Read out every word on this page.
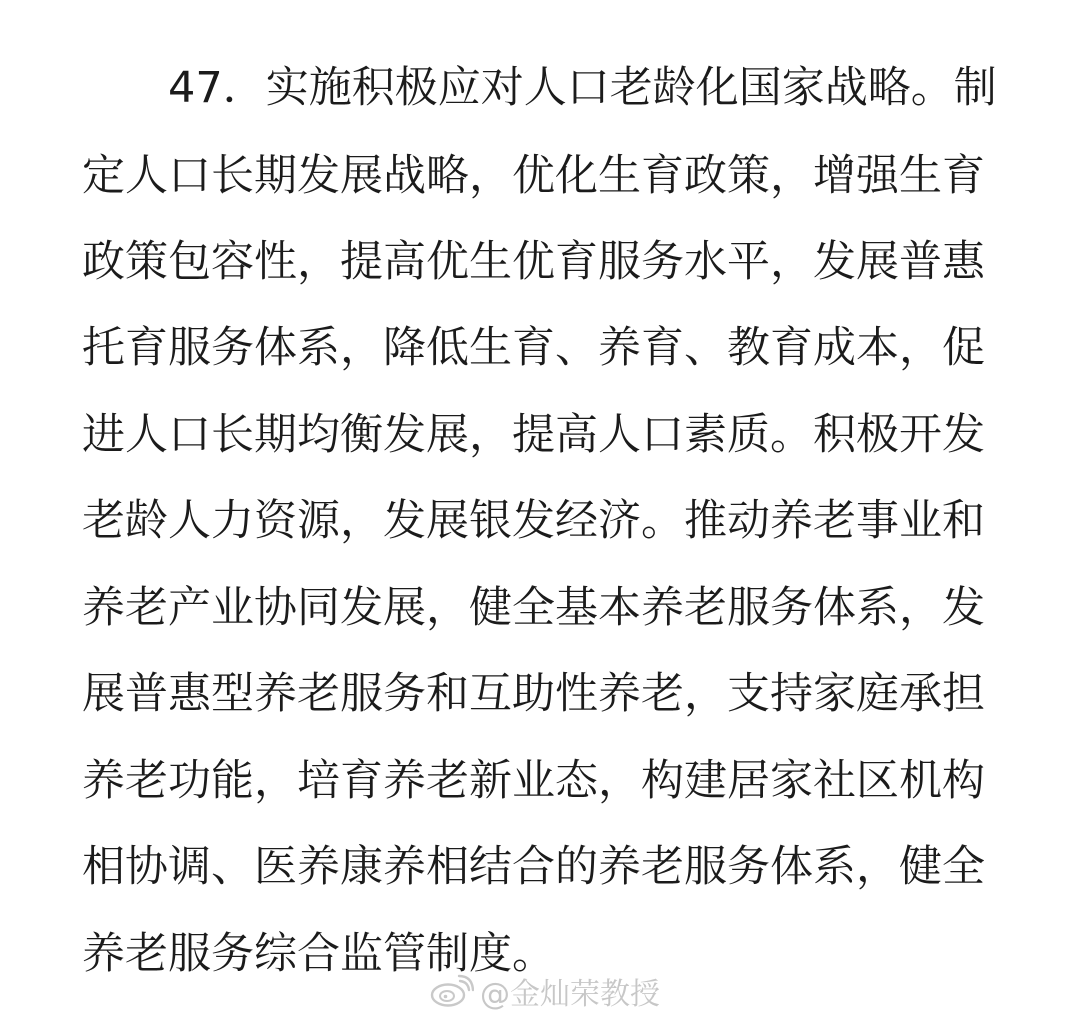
47．实施积极应对人口老龄化国家战略。制
定人口长期发展战略，优化生育政策，增强生育
政策包容性，提高优生优育服务水平，发展普惠
托育服务体系，降低生育、养育、教育成本，促
进人口长期均衡发展，提高人口素质。积极开发
老龄人力资源，发展银发经济。推动养老事业和
养老产业协同发展，健全基本养老服务体系，发
展普惠型养老服务和互助性养老，支持家庭承担
养老功能，培育养老新业态，构建居家社区机构
相协调、医养康养相结合的养老服务体系，健全
养老服务综合监管制度。
@金灿荣教授
